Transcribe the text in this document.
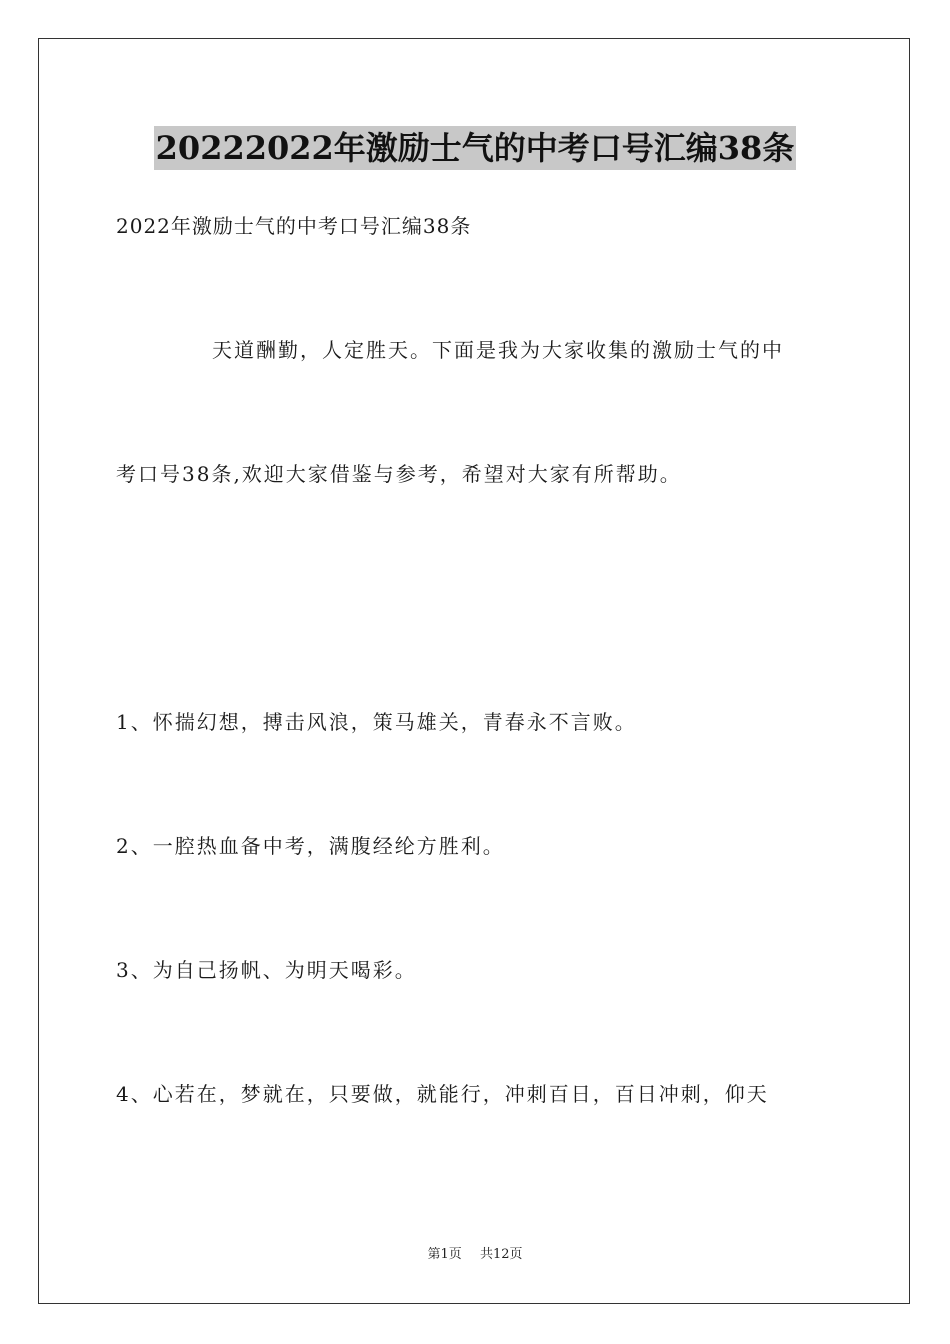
20222022年激励士气的中考口号汇编38条
2022年激励士气的中考口号汇编38条
天道酬勤，人定胜天。下面是我为大家收集的激励士气的中
考口号38条,欢迎大家借鉴与参考，希望对大家有所帮助。
1、怀揣幻想，搏击风浪，策马雄关，青春永不言败。
2、一腔热血备中考，满腹经纶方胜利。
3、为自己扬帆、为明天喝彩。
4、心若在，梦就在，只要做，就能行，冲刺百日，百日冲刺，仰天
第1页 共12页
